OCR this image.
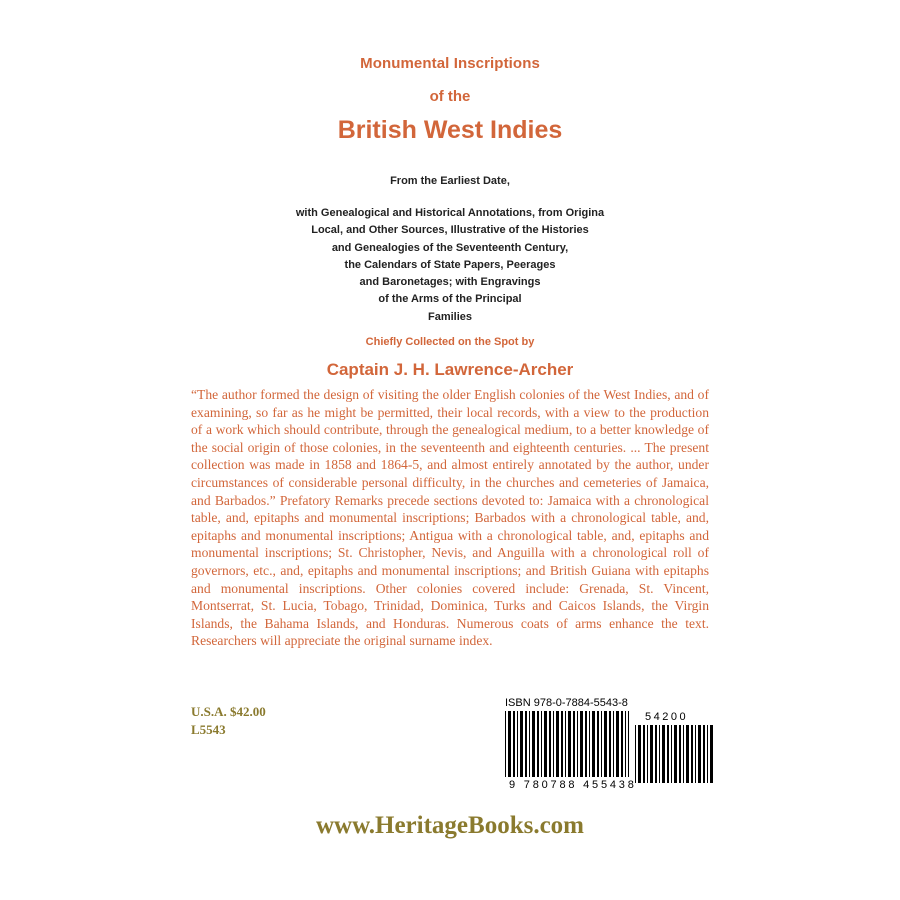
Monumental Inscriptions
of the
British West Indies
From the Earliest Date,
with Genealogical and Historical Annotations, from Origina
Local, and Other Sources, Illustrative of the Histories
and Genealogies of the Seventeenth Century,
the Calendars of State Papers, Peerages
and Baronetages; with Engravings
of the Arms of the Principal
Families
Chiefly Collected on the Spot by
Captain J. H. Lawrence-Archer
“The author formed the design of visiting the older English colonies of the West Indies, and of examining, so far as he might be permitted, their local records, with a view to the production of a work which should contribute, through the genealogical medium, to a better knowledge of the social origin of those colonies, in the seventeenth and eighteenth centuries. ... The present collection was made in 1858 and 1864-5, and almost entirely annotated by the author, under circumstances of considerable personal difficulty, in the churches and cemeteries of Jamaica, and Barbados.” Prefatory Remarks precede sections devoted to: Jamaica with a chronological table, and, epitaphs and monumental inscriptions; Barbados with a chronological table, and, epitaphs and monumental inscriptions; Antigua with a chronological table, and, epitaphs and monumental inscriptions; St. Christopher, Nevis, and Anguilla with a chronological roll of governors, etc., and, epitaphs and monumental inscriptions; and British Guiana with epitaphs and monumental inscriptions. Other colonies covered include: Grenada, St. Vincent, Montserrat, St. Lucia, Tobago, Trinidad, Dominica, Turks and Caicos Islands, the Virgin Islands, the Bahama Islands, and Honduras. Numerous coats of arms enhance the text. Researchers will appreciate the original surname index.
U.S.A. $42.00
L5543
ISBN 978-0-7884-5543-8
54200
9 780788 455438
www.HeritageBooks.com
